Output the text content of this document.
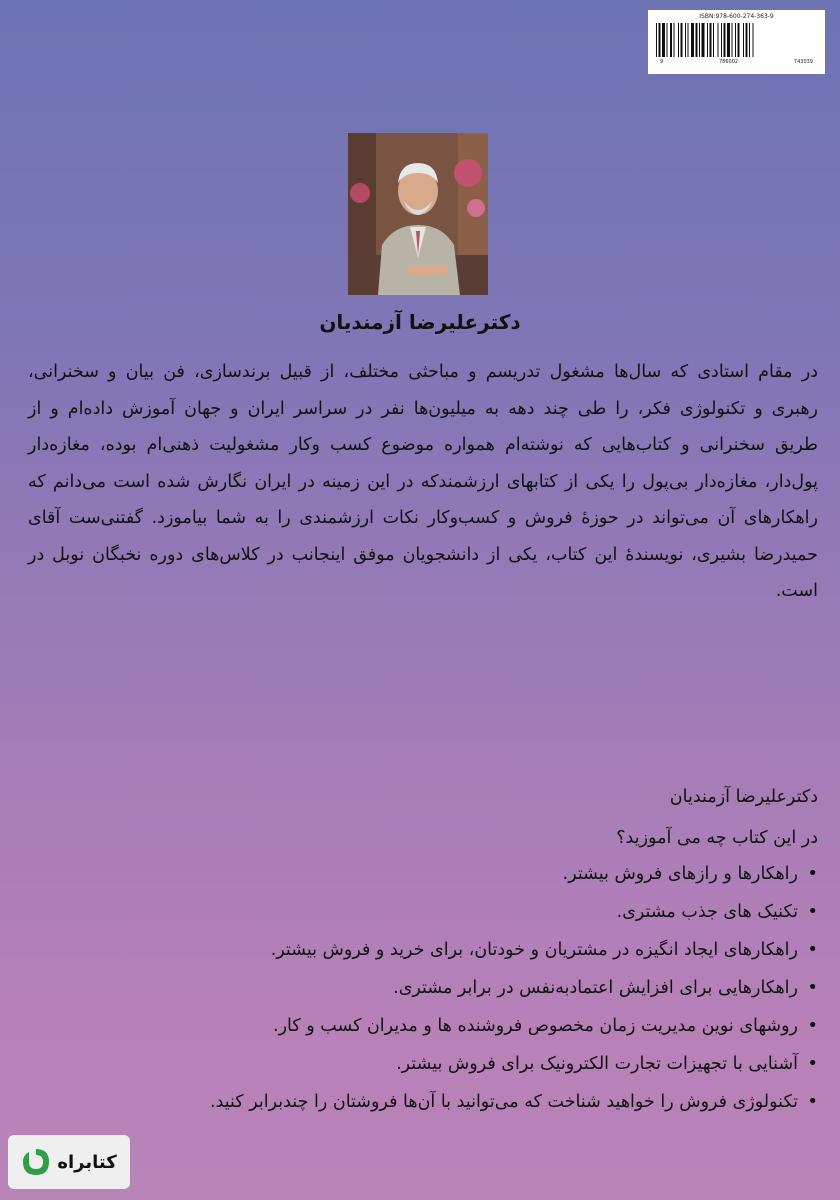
ISBN:978-600-274-363-9
9	786002	743039
دکترعلیرضا آزمندیان

در مقام استادی که سال‌ها مشغول تدریسم و مباحثی مختلف، از قبیل برندسازی، فن بیان و سخنرانی، رهبری و تکنولوژی فکر، را طی چند دهه به میلیون‌ها نفر در سراسر ایران و جهان آموزش داده‌ام و از طریق سخنرانی و کتاب‌هایی که نوشته‌ام همواره موضوع کسب وکار مشغولیت ذهنی‌ام بوده، مغازه‌دار پول‌دار، مغازه‌دار بی‌پول را یکی از کتابهای ارزشمندکه در این زمینه در ایران نگارش شده است می‌دانم که راهکارهای آن می‌تواند در حوزهٔ فروش و کسب‌وکار نکات ارزشمندی را به شما بیاموزد. گفتنی‌ست آقای حمیدرضا بشیری، نویسندهٔ این کتاب، یکی از دانشجویان موفق اینجانب در کلاس‌های دوره نخبگان نوبل در است.

دکترعلیرضا آزمندیان
در این کتاب چه می آموزید؟
• راهکارها و رازهای فروش بیشتر.
• تکنیک های جذب مشتری.
• راهکارهای ایجاد انگیزه در مشتریان و خودتان، برای خرید و فروش بیشتر.
• راهکارهایی برای افزایش اعتمادبه‌نفس در برابر مشتری.
• روشهای نوین مدیریت زمان مخصوص فروشنده ها و مدیران کسب و کار.
• آشنایی با تجهیزات تجارت الکترونیک برای فروش بیشتر.
• تکنولوژی فروش را خواهید شناخت که می‌توانید با آن‌ها فروشتان را چندبرابر کنید.
کتابراه
